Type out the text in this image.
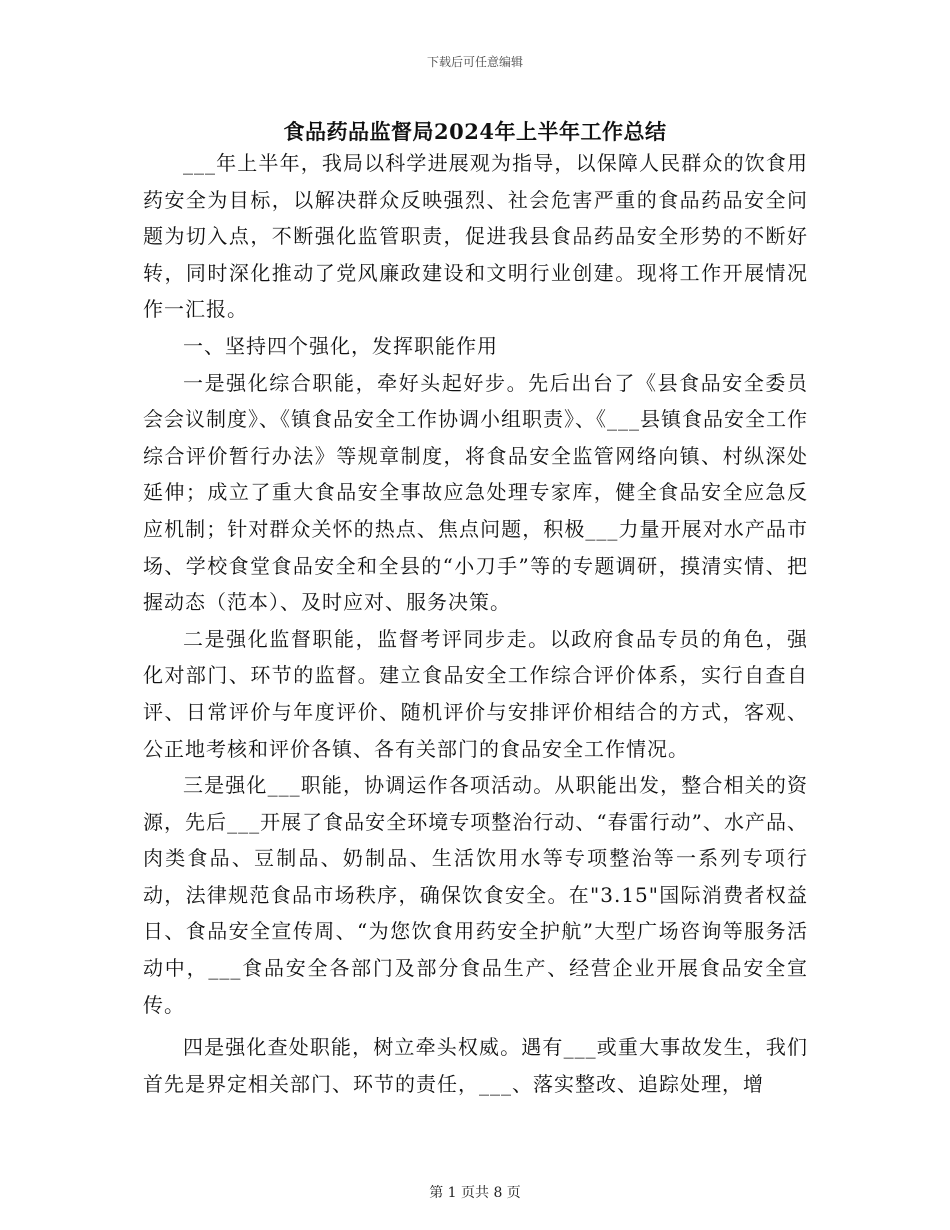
下载后可任意编辑
食品药品监督局2024年上半年工作总结

___年上半年，我局以科学进展观为指导，以保障人民群众的饮食用药安全为目标，以解决群众反映强烈、社会危害严重的食品药品安全问题为切入点，不断强化监管职责，促进我县食品药品安全形势的不断好转，同时深化推动了党风廉政建设和文明行业创建。现将工作开展情况作一汇报。

一、坚持四个强化，发挥职能作用

一是强化综合职能，牵好头起好步。先后出台了《县食品安全委员会会议制度》、《镇食品安全工作协调小组职责》、《___县镇食品安全工作综合评价暂行办法》等规章制度，将食品安全监管网络向镇、村纵深处延伸；成立了重大食品安全事故应急处理专家库，健全食品安全应急反应机制；针对群众关怀的热点、焦点问题，积极___力量开展对水产品市场、学校食堂食品安全和全县的“小刀手”等的专题调研，摸清实情、把握动态（范本）、及时应对、服务决策。

二是强化监督职能，监督考评同步走。以政府食品专员的角色，强化对部门、环节的监督。建立食品安全工作综合评价体系，实行自查自评、日常评价与年度评价、随机评价与安排评价相结合的方式，客观、公正地考核和评价各镇、各有关部门的食品安全工作情况。

三是强化___职能，协调运作各项活动。从职能出发，整合相关的资源，先后___开展了食品安全环境专项整治行动、“春雷行动”、水产品、肉类食品、豆制品、奶制品、生活饮用水等专项整治等一系列专项行动，法律规范食品市场秩序，确保饮食安全。在"3.15"国际消费者权益日、食品安全宣传周、“为您饮食用药安全护航”大型广场咨询等服务活动中，___食品安全各部门及部分食品生产、经营企业开展食品安全宣传。

四是强化查处职能，树立牵头权威。遇有___或重大事故发生，我们首先是界定相关部门、环节的责任，___、落实整改、追踪处理，增

第 1 页共 8 页
